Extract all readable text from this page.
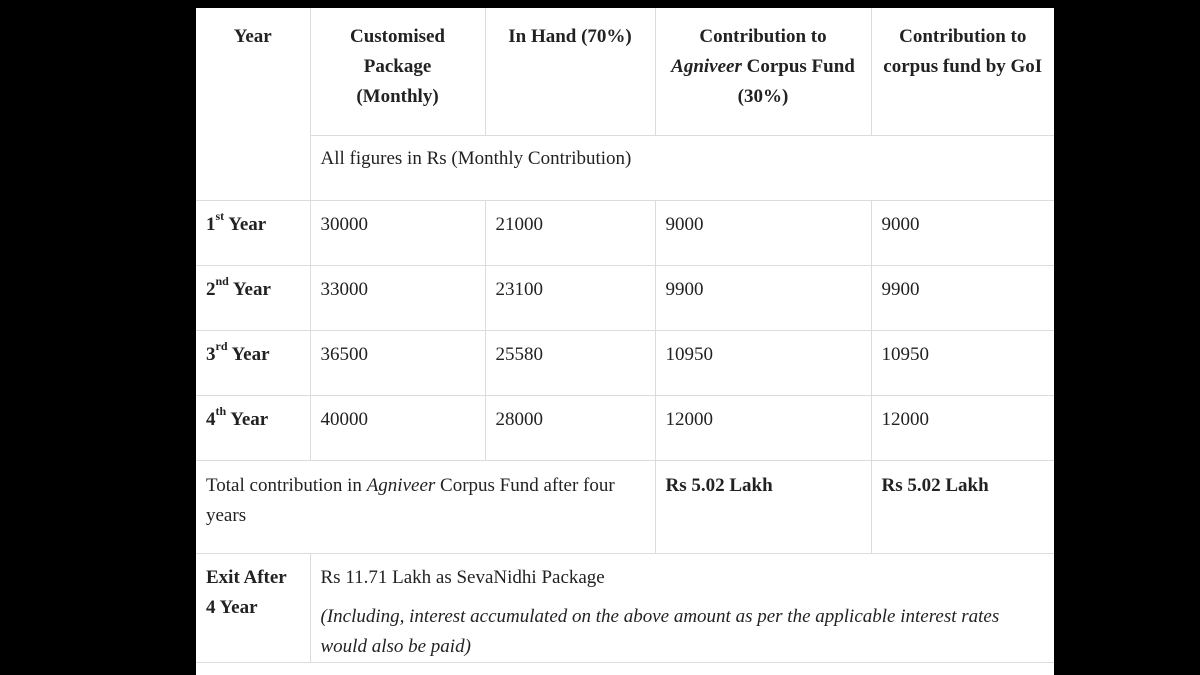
Year	Customised Package (Monthly)	In Hand (70%)	Contribution to Agniveer Corpus Fund (30%)	Contribution to corpus fund by GoI
	All figures in Rs (Monthly Contribution)			
1st Year	30000	21000	9000	9000
2nd Year	33000	23100	9900	9900
3rd Year	36500	25580	10950	10950
4th Year	40000	28000	12000	12000
Total contribution in Agniveer Corpus Fund after four years			Rs 5.02 Lakh	Rs 5.02 Lakh
Exit After 4 Year	Rs 11.71 Lakh as SevaNidhi Package
(Including, interest accumulated on the above amount as per the applicable interest rates would also be paid)			
